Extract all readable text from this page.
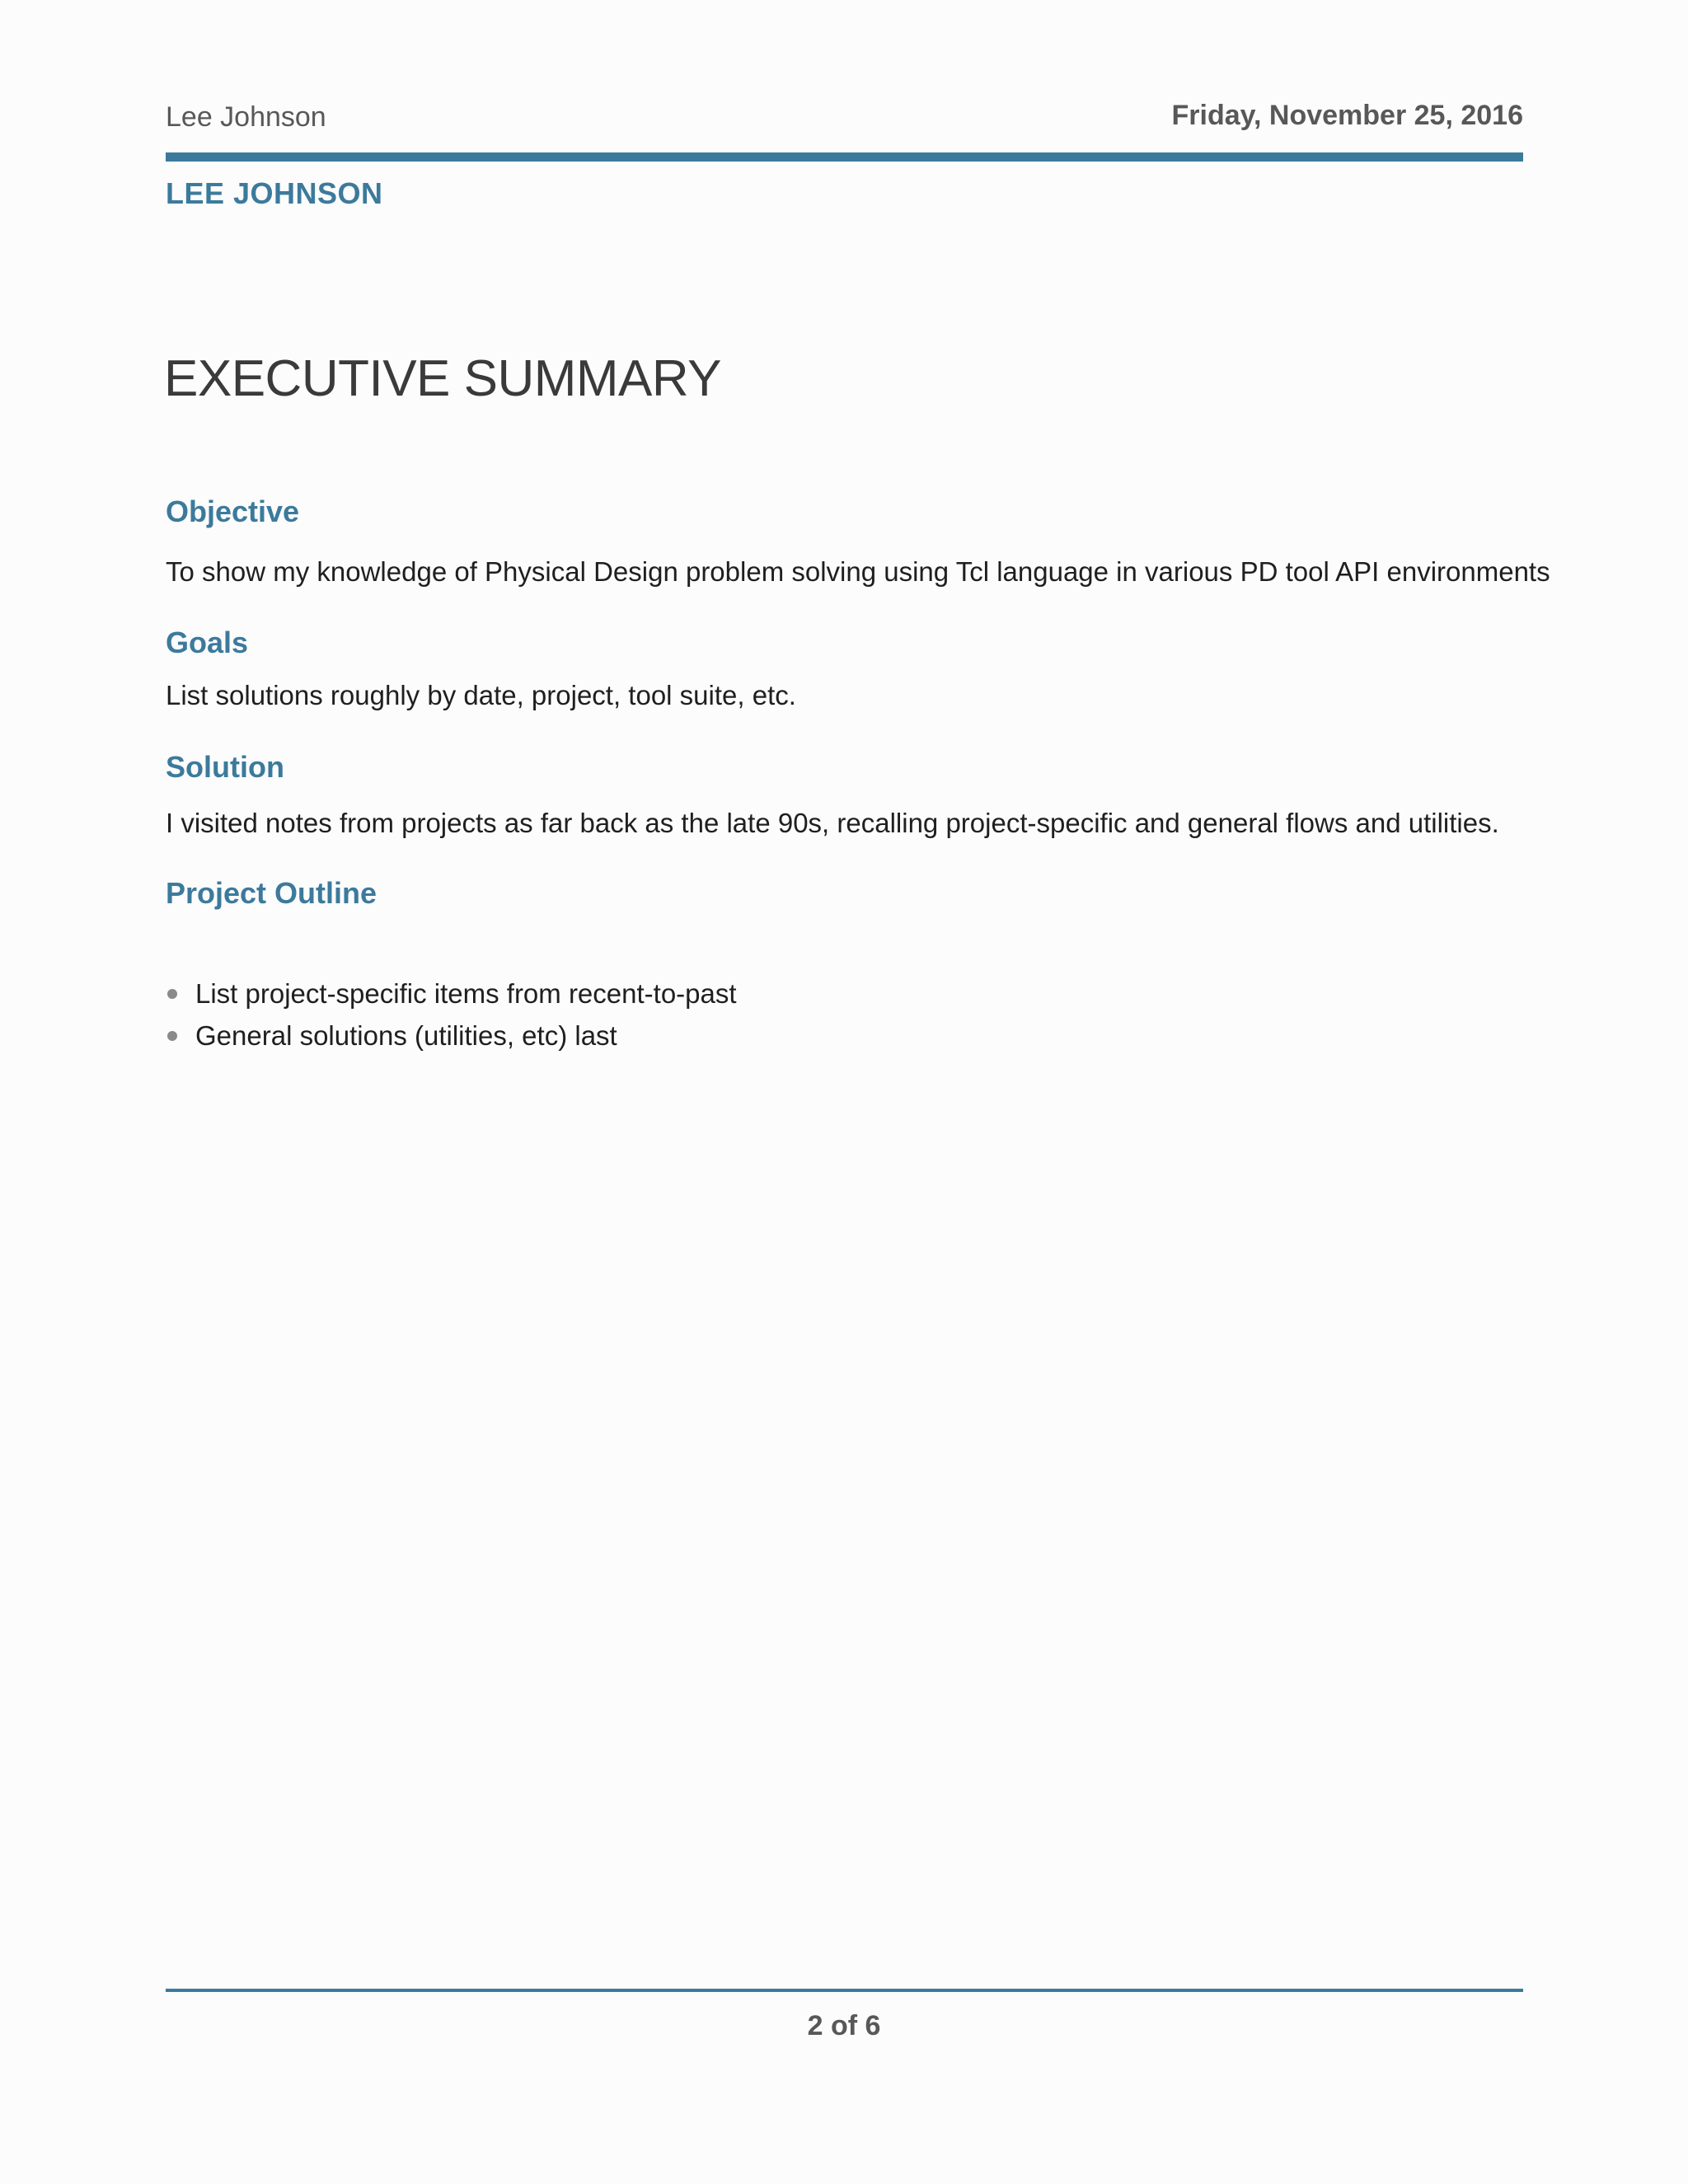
Lee Johnson	Friday, November 25, 2016
LEE JOHNSON
EXECUTIVE SUMMARY
Objective

To show my knowledge of Physical Design problem solving using Tcl language in various PD tool API environments

Goals

List solutions roughly by date, project, tool suite, etc.

Solution

I visited notes from projects as far back as the late 90s, recalling project-specific and general flows and utilities.

Project Outline
List project-specific items from recent-to-past
General solutions (utilities, etc) last
2 of 6
